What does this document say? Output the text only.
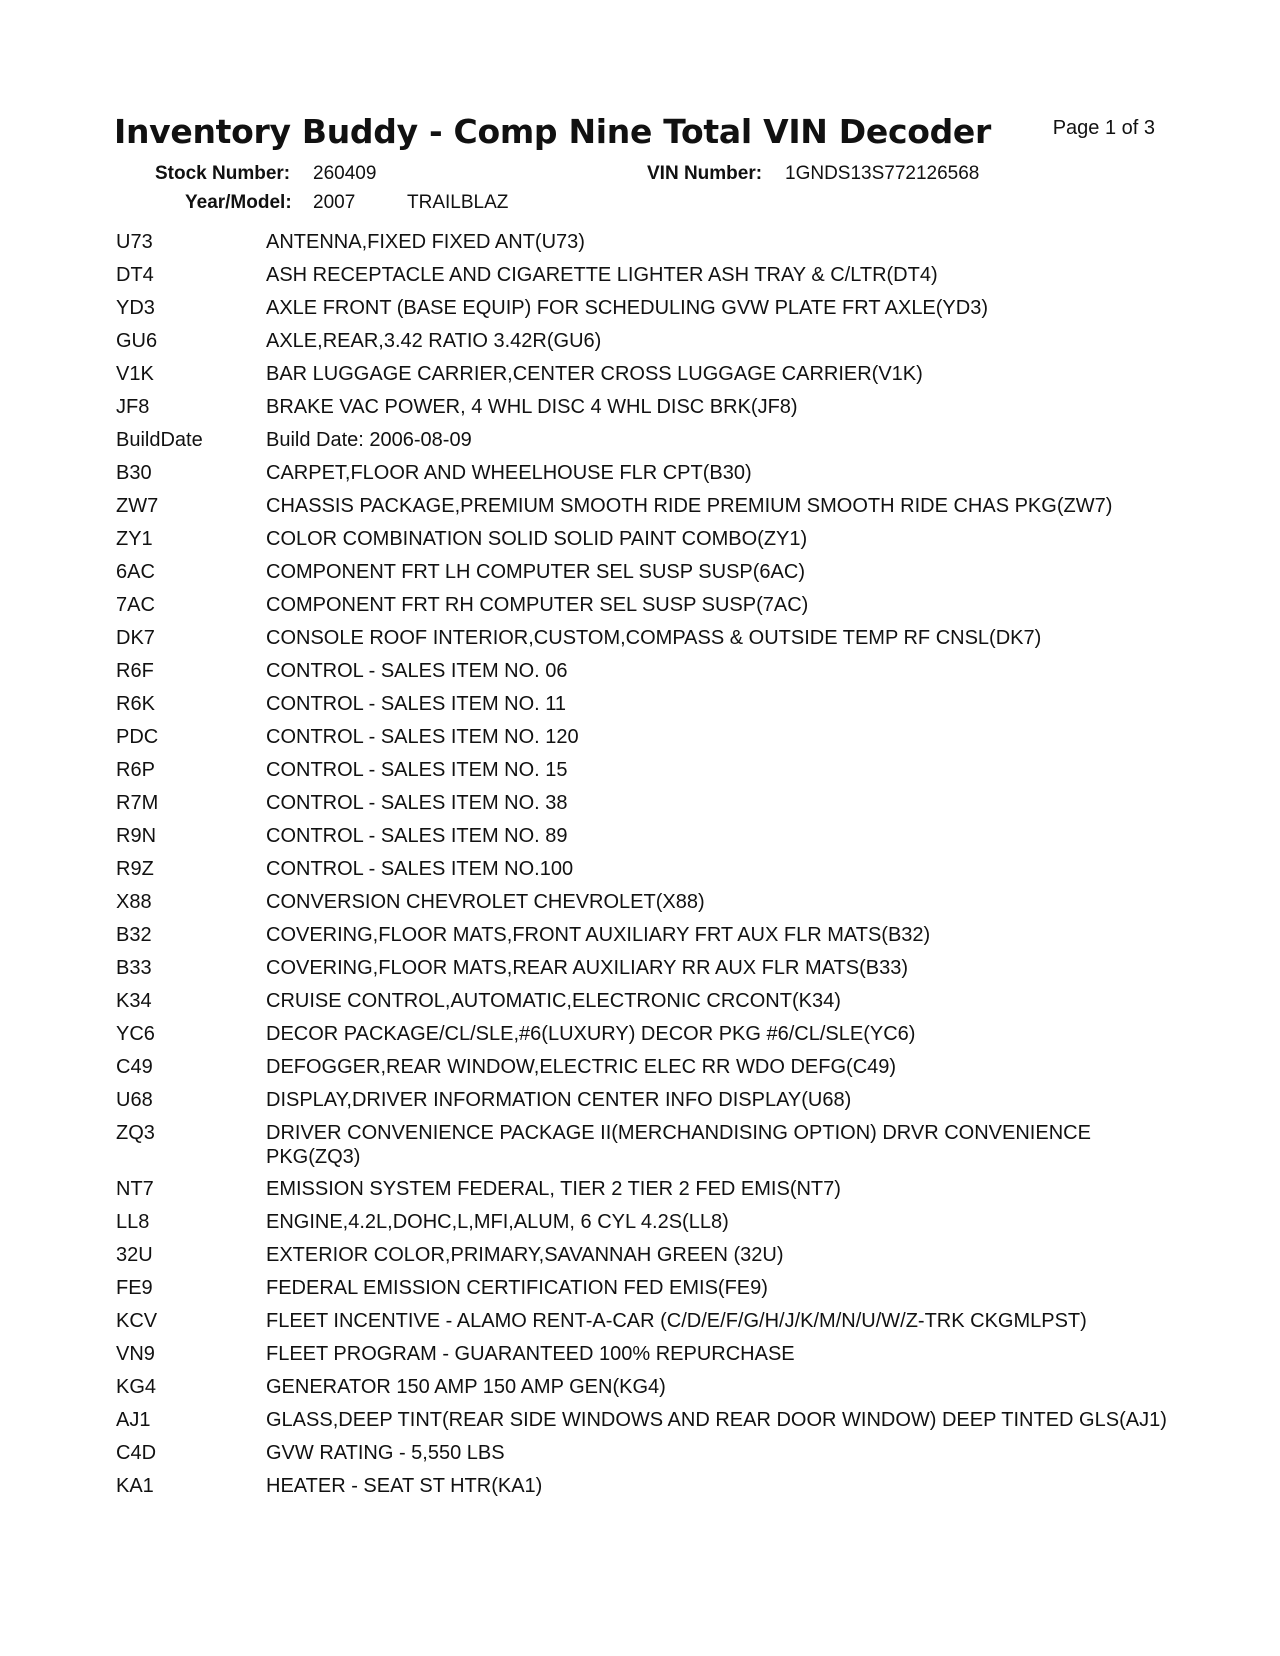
Inventory Buddy - Comp Nine Total VIN Decoder	Page 1 of 3
Stock Number: 260409	VIN Number: 1GNDS13S772126568
Year/Model: 2007	TRAILBLAZ
U73	ANTENNA,FIXED FIXED ANT(U73)
DT4	ASH RECEPTACLE AND CIGARETTE LIGHTER ASH TRAY & C/LTR(DT4)
YD3	AXLE FRONT (BASE EQUIP) FOR SCHEDULING GVW PLATE FRT AXLE(YD3)
GU6	AXLE,REAR,3.42 RATIO 3.42R(GU6)
V1K	BAR LUGGAGE CARRIER,CENTER CROSS LUGGAGE CARRIER(V1K)
JF8	BRAKE VAC POWER, 4 WHL DISC 4 WHL DISC BRK(JF8)
BuildDate	Build Date: 2006-08-09
B30	CARPET,FLOOR AND WHEELHOUSE FLR CPT(B30)
ZW7	CHASSIS PACKAGE,PREMIUM SMOOTH RIDE PREMIUM SMOOTH RIDE CHAS PKG(ZW7)
ZY1	COLOR COMBINATION SOLID SOLID PAINT COMBO(ZY1)
6AC	COMPONENT FRT LH COMPUTER SEL SUSP SUSP(6AC)
7AC	COMPONENT FRT RH COMPUTER SEL SUSP SUSP(7AC)
DK7	CONSOLE ROOF INTERIOR,CUSTOM,COMPASS & OUTSIDE TEMP RF CNSL(DK7)
R6F	CONTROL - SALES ITEM NO. 06
R6K	CONTROL - SALES ITEM NO. 11
PDC	CONTROL - SALES ITEM NO. 120
R6P	CONTROL - SALES ITEM NO. 15
R7M	CONTROL - SALES ITEM NO. 38
R9N	CONTROL - SALES ITEM NO. 89
R9Z	CONTROL - SALES ITEM NO.100
X88	CONVERSION CHEVROLET CHEVROLET(X88)
B32	COVERING,FLOOR MATS,FRONT AUXILIARY FRT AUX FLR MATS(B32)
B33	COVERING,FLOOR MATS,REAR AUXILIARY RR AUX FLR MATS(B33)
K34	CRUISE CONTROL,AUTOMATIC,ELECTRONIC CRCONT(K34)
YC6	DECOR PACKAGE/CL/SLE,#6(LUXURY) DECOR PKG #6/CL/SLE(YC6)
C49	DEFOGGER,REAR WINDOW,ELECTRIC ELEC RR WDO DEFG(C49)
U68	DISPLAY,DRIVER INFORMATION CENTER INFO DISPLAY(U68)
ZQ3	DRIVER CONVENIENCE PACKAGE II(MERCHANDISING OPTION) DRVR CONVENIENCE PKG(ZQ3)
NT7	EMISSION SYSTEM FEDERAL, TIER 2 TIER 2 FED EMIS(NT7)
LL8	ENGINE,4.2L,DOHC,L,MFI,ALUM, 6 CYL 4.2S(LL8)
32U	EXTERIOR COLOR,PRIMARY,SAVANNAH GREEN (32U)
FE9	FEDERAL EMISSION CERTIFICATION FED EMIS(FE9)
KCV	FLEET INCENTIVE - ALAMO RENT-A-CAR (C/D/E/F/G/H/J/K/M/N/U/W/Z-TRK CKGMLPST)
VN9	FLEET PROGRAM - GUARANTEED 100% REPURCHASE
KG4	GENERATOR 150 AMP 150 AMP GEN(KG4)
AJ1	GLASS,DEEP TINT(REAR SIDE WINDOWS AND REAR DOOR WINDOW) DEEP TINTED GLS(AJ1)
C4D	GVW RATING - 5,550 LBS
KA1	HEATER - SEAT ST HTR(KA1)
